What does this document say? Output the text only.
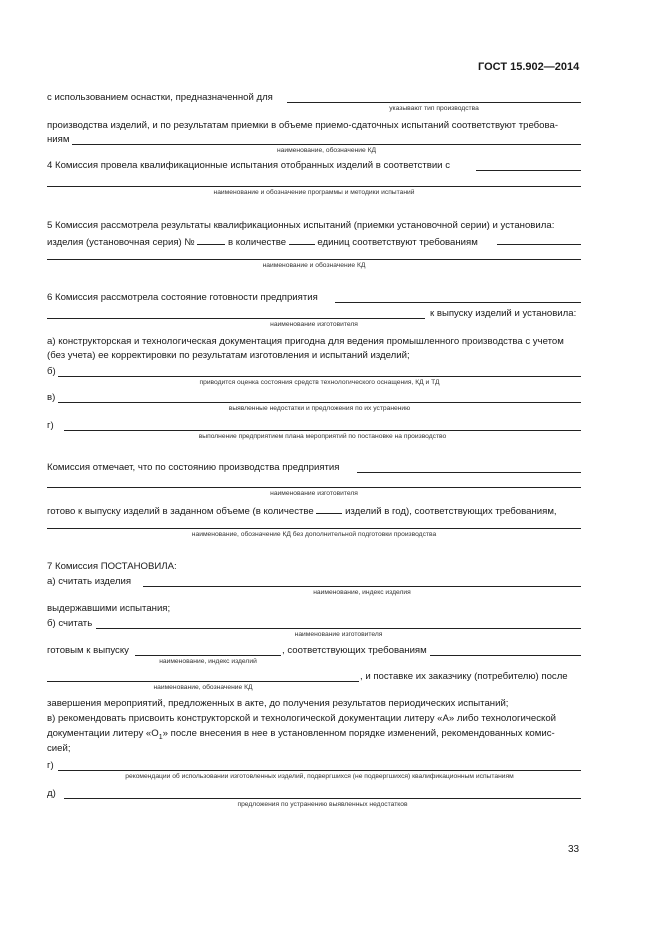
ГОСТ 15.902—2014
с использованием оснастки, предназначенной для
указывают тип производства
производства изделий, и по результатам приемки в объеме приемо-сдаточных испытаний соответствуют требова-
ниям
наименование, обозначение КД
4 Комиссия провела квалификационные испытания отобранных изделий в соответствии с
наименование и обозначение программы и методики испытаний
5 Комиссия рассмотрела результаты квалификационных испытаний (приемки установочной серии) и установила:
изделия (установочная серия) №	в количестве	единиц соответствуют требованиям
наименование и обозначение КД
6 Комиссия рассмотрела состояние готовности предприятия
к выпуску изделий и установила:
наименование изготовителя
а) конструкторская и технологическая документация пригодна для ведения промышленного производства с учетом
(без учета) ее корректировки по результатам изготовления и испытаний изделий;
б)
приводится оценка состояния средств технологического оснащения, КД и ТД
в)
выявленные недостатки и предложения по их устранению
г)
выполнение предприятием плана мероприятий по постановке на производство
Комиссия отмечает, что по состоянию производства предприятия
наименование изготовителя
готово к выпуску изделий в заданном объеме (в количестве	изделий в год), соответствующих требованиям,
наименование, обозначение КД без дополнительной подготовки производства
7 Комиссия ПОСТАНОВИЛА:
а) считать изделия
наименование, индекс изделия
выдержавшими испытания;
б) считать
наименование изготовителя
готовым к выпуску	, соответствующих требованиям
наименование, индекс изделий
, и поставке их заказчику (потребителю) после
наименование, обозначение КД
завершения мероприятий, предложенных в акте, до получения результатов периодических испытаний;
в) рекомендовать присвоить конструкторской и технологической документации литеру «А» либо технологической
документации литеру «$О_1$» после внесения в нее в установленном порядке изменений, рекомендованных комис-
сией;
г)
рекомендации об использовании изготовленных изделий, подвергшихся (не подвергшихся) квалификационным испытаниям
д)
предложения по устранению выявленных недостатков
33
